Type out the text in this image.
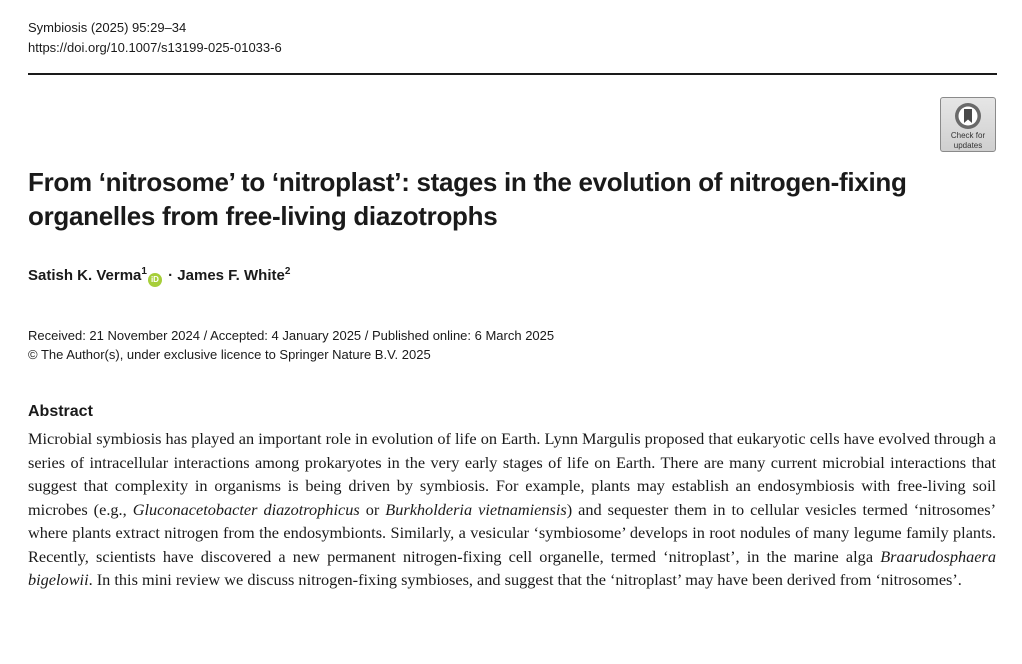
Symbiosis (2025) 95:29–34
https://doi.org/10.1007/s13199-025-01033-6
Check for
updates
From ‘nitrosome’ to ‘nitroplast’: stages in the evolution of nitrogen-fixing organelles from free-living diazotrophs
Satish K. Verma$^1$iD · James F. White$^2$
Received: 21 November 2024 / Accepted: 4 January 2025 / Published online: 6 March 2025
© The Author(s), under exclusive licence to Springer Nature B.V. 2025
Abstract

Microbial symbiosis has played an important role in evolution of life on Earth. Lynn Margulis proposed that eukaryotic cells have evolved through a series of intracellular interactions among prokaryotes in the very early stages of life on Earth. There are many current microbial interactions that suggest that complexity in organisms is being driven by symbiosis. For example, plants may establish an endosymbiosis with free-living soil microbes (e.g., Gluconacetobacter diazotrophicus or Burkholderia vietnamiensis) and sequester them in to cellular vesicles termed ‘nitrosomes’ where plants extract nitrogen from the endosymbionts. Similarly, a vesicular ‘symbiosome’ develops in root nodules of many legume family plants. Recently, scientists have discovered a new permanent nitrogen-fixing cell organelle, termed ‘nitroplast’, in the marine alga Braarudosphaera bigelowii. In this mini review we discuss nitrogen-fixing symbioses, and suggest that the ‘nitroplast’ may have been derived from ‘nitrosomes’.
